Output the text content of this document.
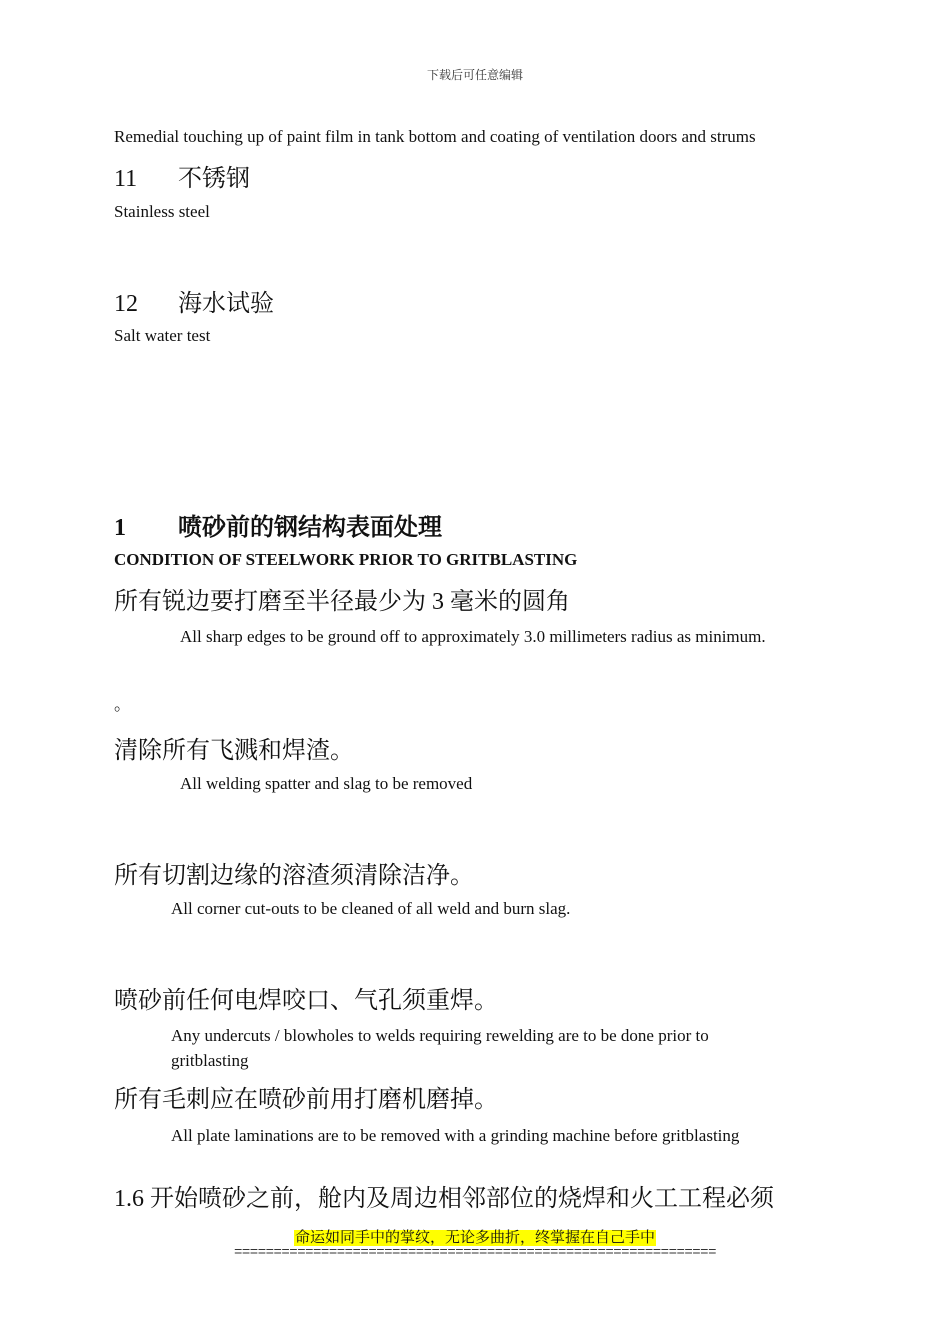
下载后可任意编辑
Remedial touching up of paint film in tank bottom and coating of ventilation doors and strums
11 不锈钢
Stainless steel
12 海水试验
Salt water test
1 喷砂前的钢结构表面处理
CONDITION OF STEELWORK PRIOR TO GRITBLASTING
所有锐边要打磨至半径最少为 3 毫米的圆角
All sharp edges to be ground off to approximately 3.0 millimeters radius as minimum.
。
清除所有飞溅和焊渣。
All welding spatter and slag to be removed
所有切割边缘的溶渣须清除洁净。
All corner cut-outs to be cleaned of all weld and burn slag.
喷砂前任何电焊咬口、气孔须重焊。
Any undercuts / blowholes to welds requiring rewelding are to be done prior to gritblasting
所有毛刺应在喷砂前用打磨机磨掉。
All plate laminations are to be removed with a grinding machine before gritblasting
1.6 开始喷砂之前，舱内及周边相邻部位的烧焊和火工工程必须
命运如同手中的掌纹，无论多曲折，终掌握在自己手中
=============================================================
